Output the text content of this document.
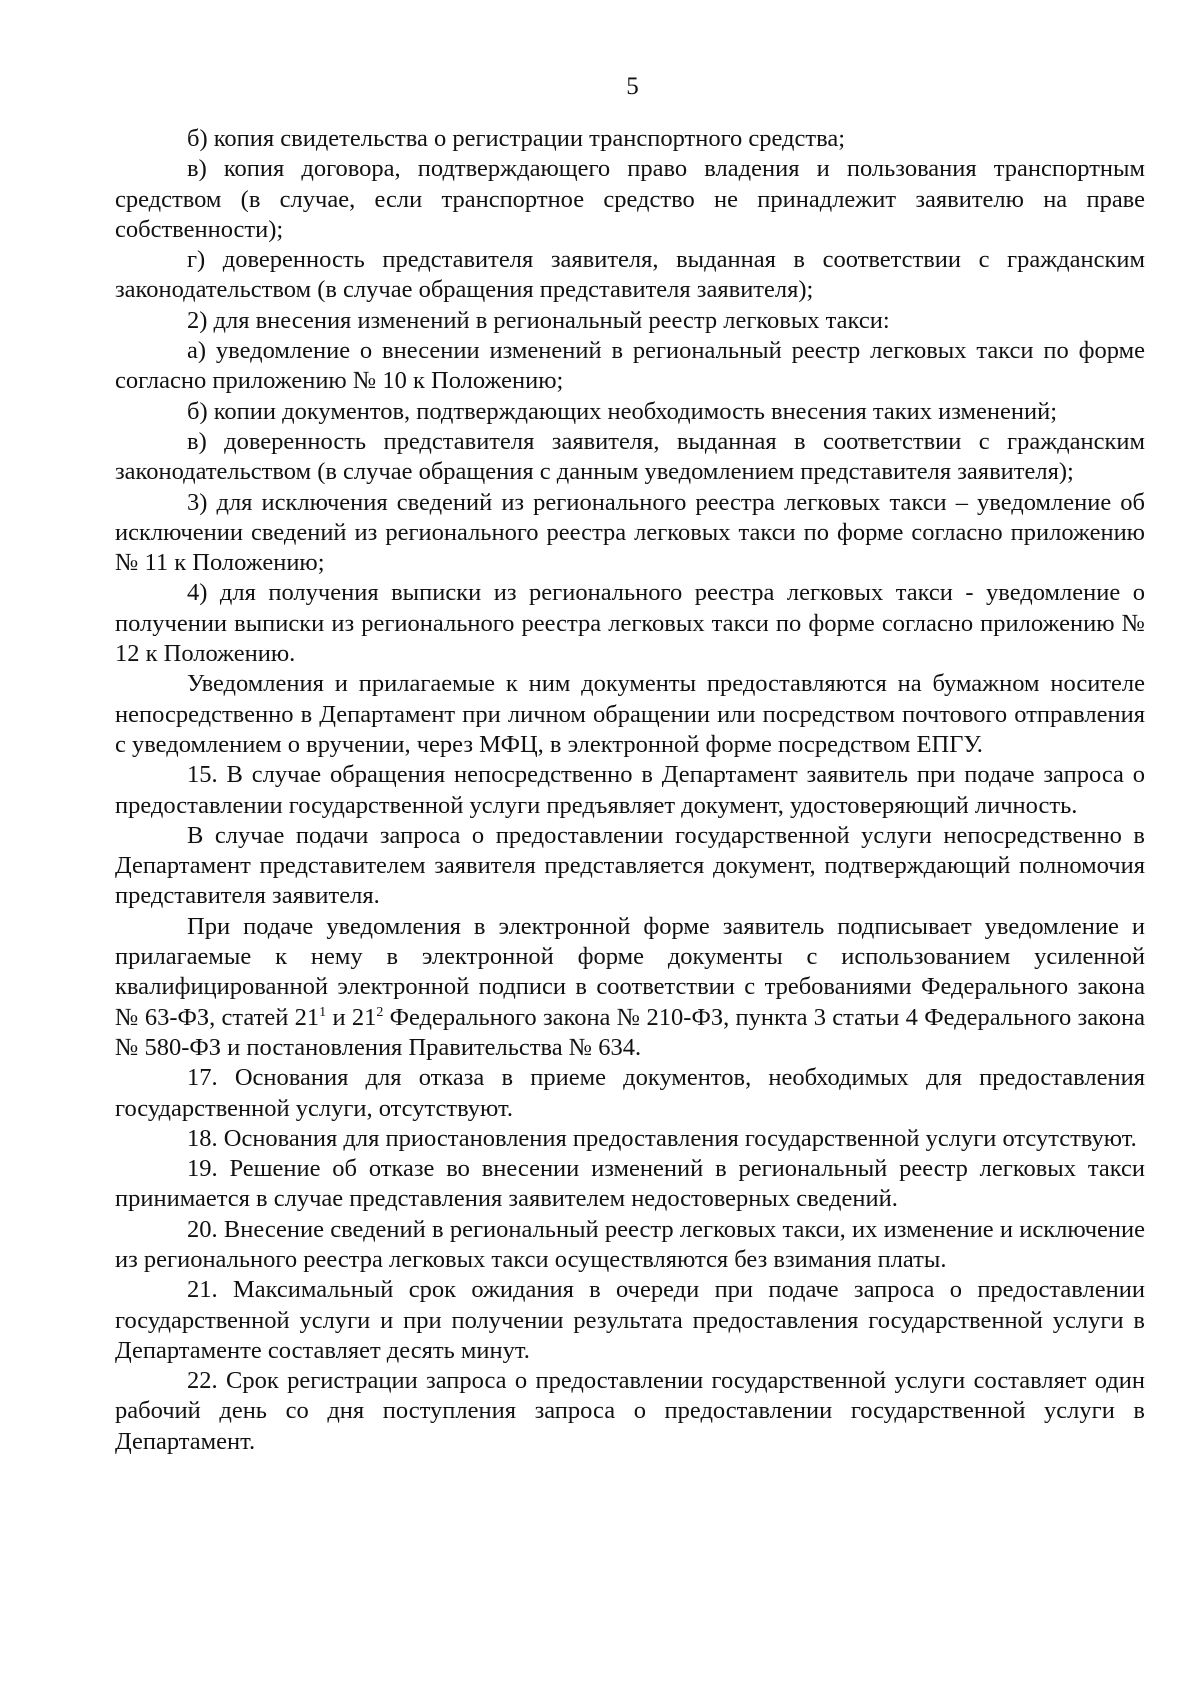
5

б) копия свидетельства о регистрации транспортного средства;

в) копия договора, подтверждающего право владения и пользования транспортным средством (в случае, если транспортное средство не принадлежит заявителю на праве собственности);

г) доверенность представителя заявителя, выданная в соответствии с гражданским законодательством (в случае обращения представителя заявителя);

2) для внесения изменений в региональный реестр легковых такси:

а) уведомление о внесении изменений в региональный реестр легковых такси по форме согласно приложению № 10 к Положению;

б) копии документов, подтверждающих необходимость внесения таких изменений;

в) доверенность представителя заявителя, выданная в соответствии с гражданским законодательством (в случае обращения с данным уведомлением представителя заявителя);

3) для исключения сведений из регионального реестра легковых такси – уведомление об исключении сведений из регионального реестра легковых такси по форме согласно приложению № 11 к Положению;

4) для получения выписки из регионального реестра легковых такси - уведомление о получении выписки из регионального реестра легковых такси по форме согласно приложению № 12 к Положению.

Уведомления и прилагаемые к ним документы предоставляются на бумажном носителе непосредственно в Департамент при личном обращении или посредством почтового отправления с уведомлением о вручении, через МФЦ, в электронной форме посредством ЕПГУ.

15. В случае обращения непосредственно в Департамент заявитель при подаче запроса о предоставлении государственной услуги предъявляет документ, удостоверяющий личность.

В случае подачи запроса о предоставлении государственной услуги непосредственно в Департамент представителем заявителя представляется документ, подтверждающий полномочия представителя заявителя.

При подаче уведомления в электронной форме заявитель подписывает уведомление и прилагаемые к нему в электронной форме документы с использованием усиленной квалифицированной электронной подписи в соответствии с требованиями Федерального закона № 63-ФЗ, статей $21^1$ и $21^2$ Федерального закона № 210-ФЗ, пункта 3 статьи 4 Федерального закона № 580-ФЗ и постановления Правительства № 634.

17. Основания для отказа в приеме документов, необходимых для предоставления государственной услуги, отсутствуют.

18. Основания для приостановления предоставления государственной услуги отсутствуют.

19. Решение об отказе во внесении изменений в региональный реестр легковых такси принимается в случае представления заявителем недостоверных сведений.

20. Внесение сведений в региональный реестр легковых такси, их изменение и исключение из регионального реестра легковых такси осуществляются без взимания платы.

21. Максимальный срок ожидания в очереди при подаче запроса о предоставлении государственной услуги и при получении результата предоставления государственной услуги в Департаменте составляет десять минут.

22. Срок регистрации запроса о предоставлении государственной услуги составляет один рабочий день со дня поступления запроса о предоставлении государственной услуги в Департамент.
